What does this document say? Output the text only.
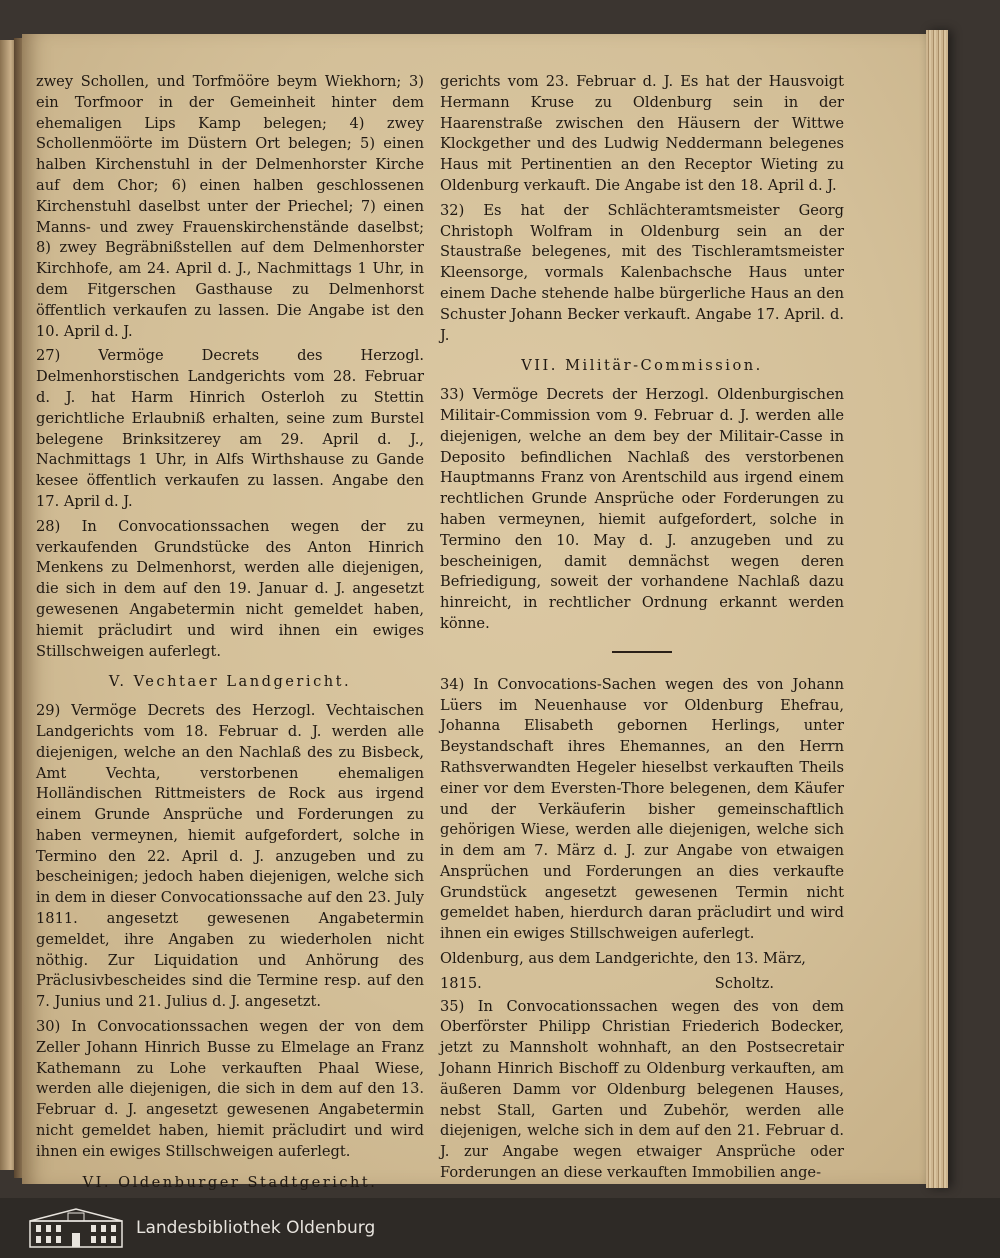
zwey Schollen, und Torfmööre beym Wiekhorn; 3) ein Torfmoor in der Gemeinheit hinter dem ehemaligen Lips Kamp belegen; 4) zwey Schollenmöörte im Düstern Ort belegen; 5) einen halben Kirchenstuhl in der Delmenhorster Kirche auf dem Chor; 6) einen halben geschlossenen Kirchenstuhl daselbst unter der Priechel; 7) einen Manns- und zwey Frauenskirchenstände daselbst; 8) zwey Begräbnißstellen auf dem Delmenhorster Kirchhofe, am 24. April d. J., Nachmittags 1 Uhr, in dem Fitgerschen Gasthause zu Delmenhorst öffentlich verkaufen zu lassen. Die Angabe ist den 10. April d. J.

27) Vermöge Decrets des Herzogl. Delmenhorstischen Landgerichts vom 28. Februar d. J. hat Harm Hinrich Osterloh zu Stettin gerichtliche Erlaubniß erhalten, seine zum Burstel belegene Brinksitzerey am 29. April d. J., Nachmittags 1 Uhr, in Alfs Wirthshause zu Gande kesee öffentlich verkaufen zu lassen. Angabe den 17. April d. J.

28) In Convocationssachen wegen der zu verkaufenden Grundstücke des Anton Hinrich Menkens zu Delmenhorst, werden alle diejenigen, die sich in dem auf den 19. Januar d. J. angesetzt gewesenen Angabetermin nicht gemeldet haben, hiemit präcludirt und wird ihnen ein ewiges Stillschweigen auferlegt.

V. Vechtaer Landgericht.

29) Vermöge Decrets des Herzogl. Vechtaischen Landgerichts vom 18. Februar d. J. werden alle diejenigen, welche an den Nachlaß des zu Bisbeck, Amt Vechta, verstorbenen ehemaligen Holländischen Rittmeisters de Rock aus irgend einem Grunde Ansprüche und Forderungen zu haben vermeynen, hiemit aufgefordert, solche in Termino den 22. April d. J. anzugeben und zu bescheinigen; jedoch haben diejenigen, welche sich in dem in dieser Convocationssache auf den 23. July 1811. angesetzt gewesenen Angabetermin gemeldet, ihre Angaben zu wiederholen nicht nöthig. Zur Liquidation und Anhörung des Präclusivbescheides sind die Termine resp. auf den 7. Junius und 21. Julius d. J. angesetzt.

30) In Convocationssachen wegen der von dem Zeller Johann Hinrich Busse zu Elmelage an Franz Kathemann zu Lohe verkauften Phaal Wiese, werden alle diejenigen, die sich in dem auf den 13. Februar d. J. angesetzt gewesenen Angabetermin nicht gemeldet haben, hiemit präcludirt und wird ihnen ein ewiges Stillschweigen auferlegt.

VI. Oldenburger Stadtgericht.

gerichts vom 23. Februar d. J. Es hat der Hausvoigt Hermann Kruse zu Oldenburg sein in der Haarenstraße zwischen den Häusern der Wittwe Klockgether und des Ludwig Neddermann belegenes Haus mit Pertinentien an den Receptor Wieting zu Oldenburg verkauft. Die Angabe ist den 18. April d. J.

32) Es hat der Schlächteramtsmeister Georg Christoph Wolfram in Oldenburg sein an der Staustraße belegenes, mit des Tischleramtsmeister Kleensorge, vormals Kalenbachsche Haus unter einem Dache stehende halbe bürgerliche Haus an den Schuster Johann Becker verkauft. Angabe 17. April. d. J.

VII. Militär-Commission.

33) Vermöge Decrets der Herzogl. Oldenburgischen Militair-Commission vom 9. Februar d. J. werden alle diejenigen, welche an dem bey der Militair-Casse in Deposito befindlichen Nachlaß des verstorbenen Hauptmanns Franz von Arentschild aus irgend einem rechtlichen Grunde Ansprüche oder Forderungen zu haben vermeynen, hiemit aufgefordert, solche in Termino den 10. May d. J. anzugeben und zu bescheinigen, damit demnächst wegen deren Befriedigung, soweit der vorhandene Nachlaß dazu hinreicht, in rechtlicher Ordnung erkannt werden könne.

34) In Convocations-Sachen wegen des von Johann Lüers im Neuenhause vor Oldenburg Ehefrau, Johanna Elisabeth gebornen Herlings, unter Beystandschaft ihres Ehemannes, an den Herrn Rathsverwandten Hegeler hieselbst verkauften Theils einer vor dem Eversten-Thore belegenen, dem Käufer und der Verkäuferin bisher gemeinschaftlich gehörigen Wiese, werden alle diejenigen, welche sich in dem am 7. März d. J. zur Angabe von etwaigen Ansprüchen und Forderungen an dies verkaufte Grundstück angesetzt gewesenen Termin nicht gemeldet haben, hierdurch daran präcludirt und wird ihnen ein ewiges Stillschweigen auferlegt.

Oldenburg, aus dem Landgerichte, den 13. März,

1815.	Scholtz.

35) In Convocationssachen wegen des von dem Oberförster Philipp Christian Friederich Bodecker, jetzt zu Mannsholt wohnhaft, an den Postsecretair Johann Hinrich Bischoff zu Oldenburg verkauften, am äußeren Damm vor Oldenburg belegenen Hauses, nebst Stall, Garten und Zubehör, werden alle diejenigen, welche sich in dem auf den 21. Februar d. J. zur Angabe wegen etwaiger Ansprüche oder Forderungen an diese verkauften Immobilien ange-

Landesbibliothek Oldenburg
